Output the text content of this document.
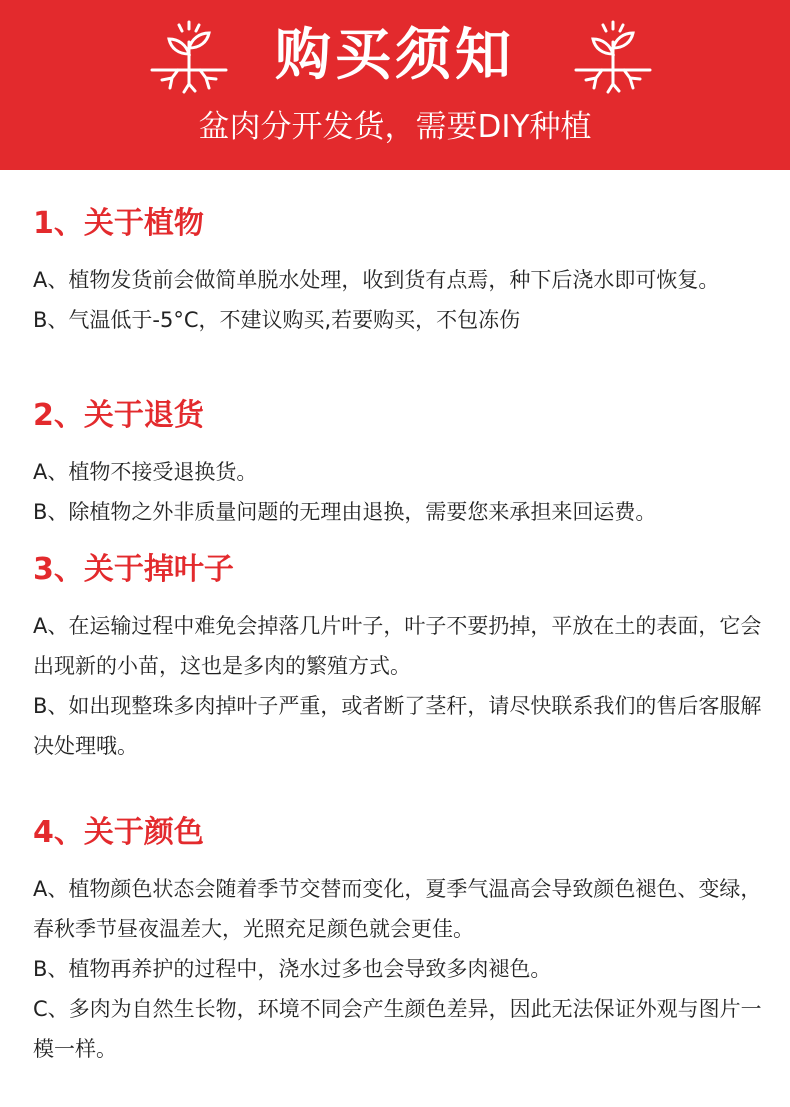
购买须知
盆肉分开发货，需要DIY种植

1、关于植物

A、植物发货前会做简单脱水处理，收到货有点焉，种下后浇水即可恢复。

B、气温低于-5°C，不建议购买,若要购买，不包冻伤

2、关于退货

A、植物不接受退换货。

B、除植物之外非质量问题的无理由退换，需要您来承担来回运费。

3、关于掉叶子

A、在运输过程中难免会掉落几片叶子，叶子不要扔掉，平放在土的表面，它会出现新的小苗，这也是多肉的繁殖方式。

B、如出现整珠多肉掉叶子严重，或者断了茎秆，请尽快联系我们的售后客服解决处理哦。

4、关于颜色

A、植物颜色状态会随着季节交替而变化，夏季气温高会导致颜色褪色、变绿，春秋季节昼夜温差大，光照充足颜色就会更佳。

B、植物再养护的过程中，浇水过多也会导致多肉褪色。

C、多肉为自然生长物，环境不同会产生颜色差异，因此无法保证外观与图片一模一样。
